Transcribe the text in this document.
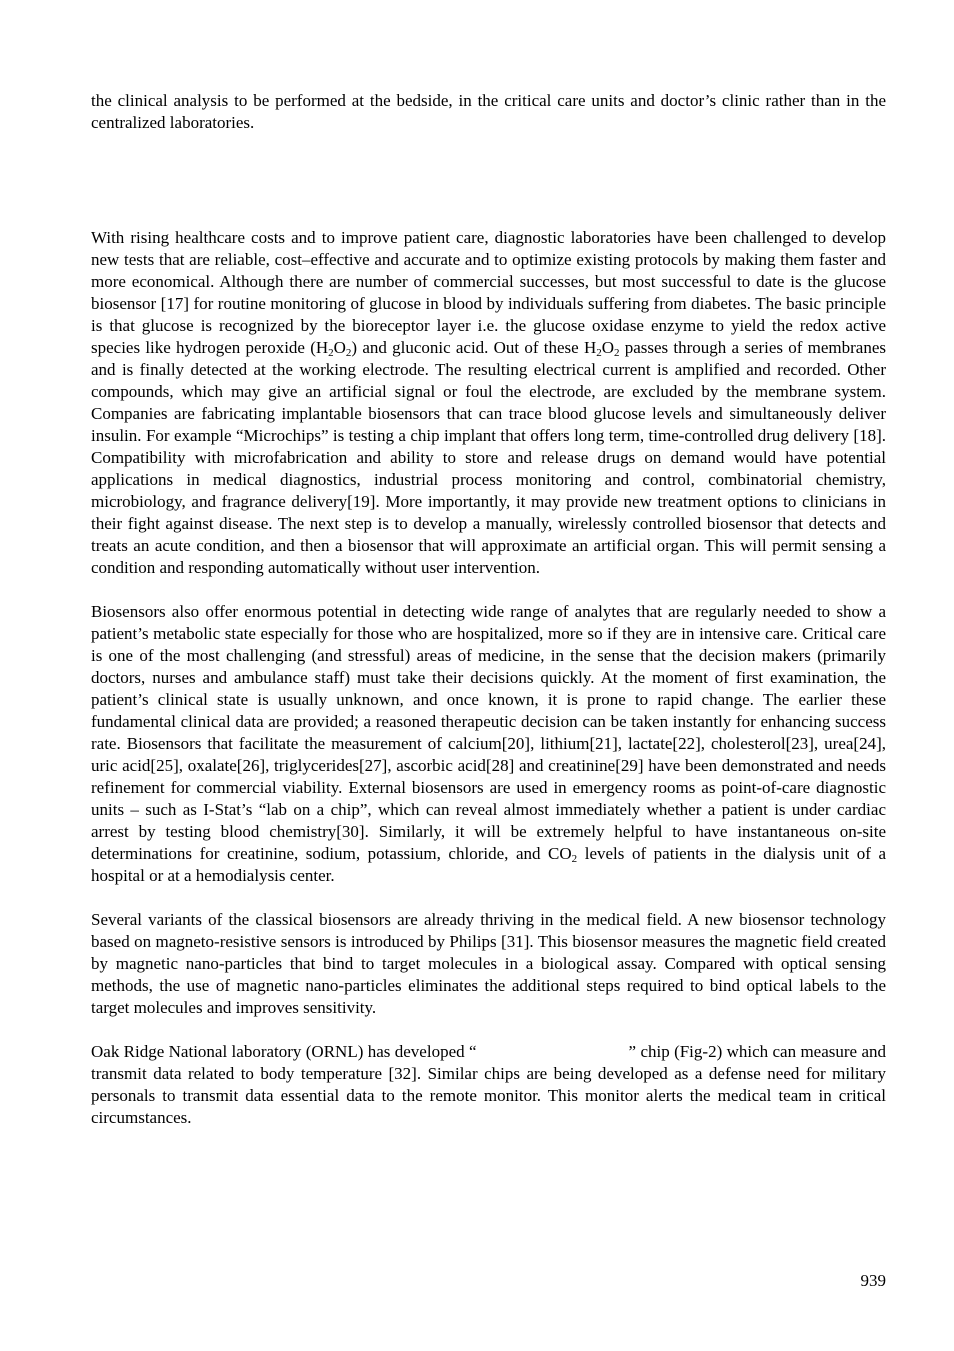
the clinical analysis to be performed at the bedside, in the critical care units and doctor’s clinic rather than in the centralized laboratories.

With rising healthcare costs and to improve patient care, diagnostic laboratories have been challenged to develop new tests that are reliable, cost–effective and accurate and to optimize existing protocols by making them faster and more economical. Although there are number of commercial successes, but most successful to date is the glucose biosensor [17] for routine monitoring of glucose in blood by individuals suffering from diabetes. The basic principle is that glucose is recognized by the bioreceptor layer i.e. the glucose oxidase enzyme to yield the redox active species like hydrogen peroxide $(H_2O_2)$ and gluconic acid. Out of these $H_2O_2$ passes through a series of membranes and is finally detected at the working electrode. The resulting electrical current is amplified and recorded. Other compounds, which may give an artificial signal or foul the electrode, are excluded by the membrane system. Companies are fabricating implantable biosensors that can trace blood glucose levels and simultaneously deliver insulin. For example “Microchips” is testing a chip implant that offers long term, time-controlled drug delivery [18]. Compatibility with microfabrication and ability to store and release drugs on demand would have potential applications in medical diagnostics, industrial process monitoring and control, combinatorial chemistry, microbiology, and fragrance delivery[19]. More importantly, it may provide new treatment options to clinicians in their fight against disease. The next step is to develop a manually, wirelessly controlled biosensor that detects and treats an acute condition, and then a biosensor that will approximate an artificial organ. This will permit sensing a condition and responding automatically without user intervention.

Biosensors also offer enormous potential in detecting wide range of analytes that are regularly needed to show a patient’s metabolic state especially for those who are hospitalized, more so if they are in intensive care. Critical care is one of the most challenging (and stressful) areas of medicine, in the sense that the decision makers (primarily doctors, nurses and ambulance staff) must take their decisions quickly. At the moment of first examination, the patient’s clinical state is usually unknown, and once known, it is prone to rapid change. The earlier these fundamental clinical data are provided; a reasoned therapeutic decision can be taken instantly for enhancing success rate. Biosensors that facilitate the measurement of calcium[20], lithium[21], lactate[22], cholesterol[23], urea[24], uric acid[25], oxalate[26], triglycerides[27], ascorbic acid[28] and creatinine[29] have been demonstrated and needs refinement for commercial viability. External biosensors are used in emergency rooms as point-of-care diagnostic units – such as I-Stat’s “lab on a chip”, which can reveal almost immediately whether a patient is under cardiac arrest by testing blood chemistry[30]. Similarly, it will be extremely helpful to have instantaneous on-site determinations for creatinine, sodium, potassium, chloride, and $CO_2$ levels of patients in the dialysis unit of a hospital or at a hemodialysis center.

Several variants of the classical biosensors are already thriving in the medical field. A new biosensor technology based on magneto-resistive sensors is introduced by Philips [31]. This biosensor measures the magnetic field created by magnetic nano-particles that bind to target molecules in a biological assay. Compared with optical sensing methods, the use of magnetic nano-particles eliminates the additional steps required to bind optical labels to the target molecules and improves sensitivity.

Oak Ridge National laboratory (ORNL) has developed “	” chip (Fig-2) which can measure and transmit data related to body temperature [32]. Similar chips are being developed as a defense need for military personals to transmit data essential data to the remote monitor. This monitor alerts the medical team in critical circumstances.

939
